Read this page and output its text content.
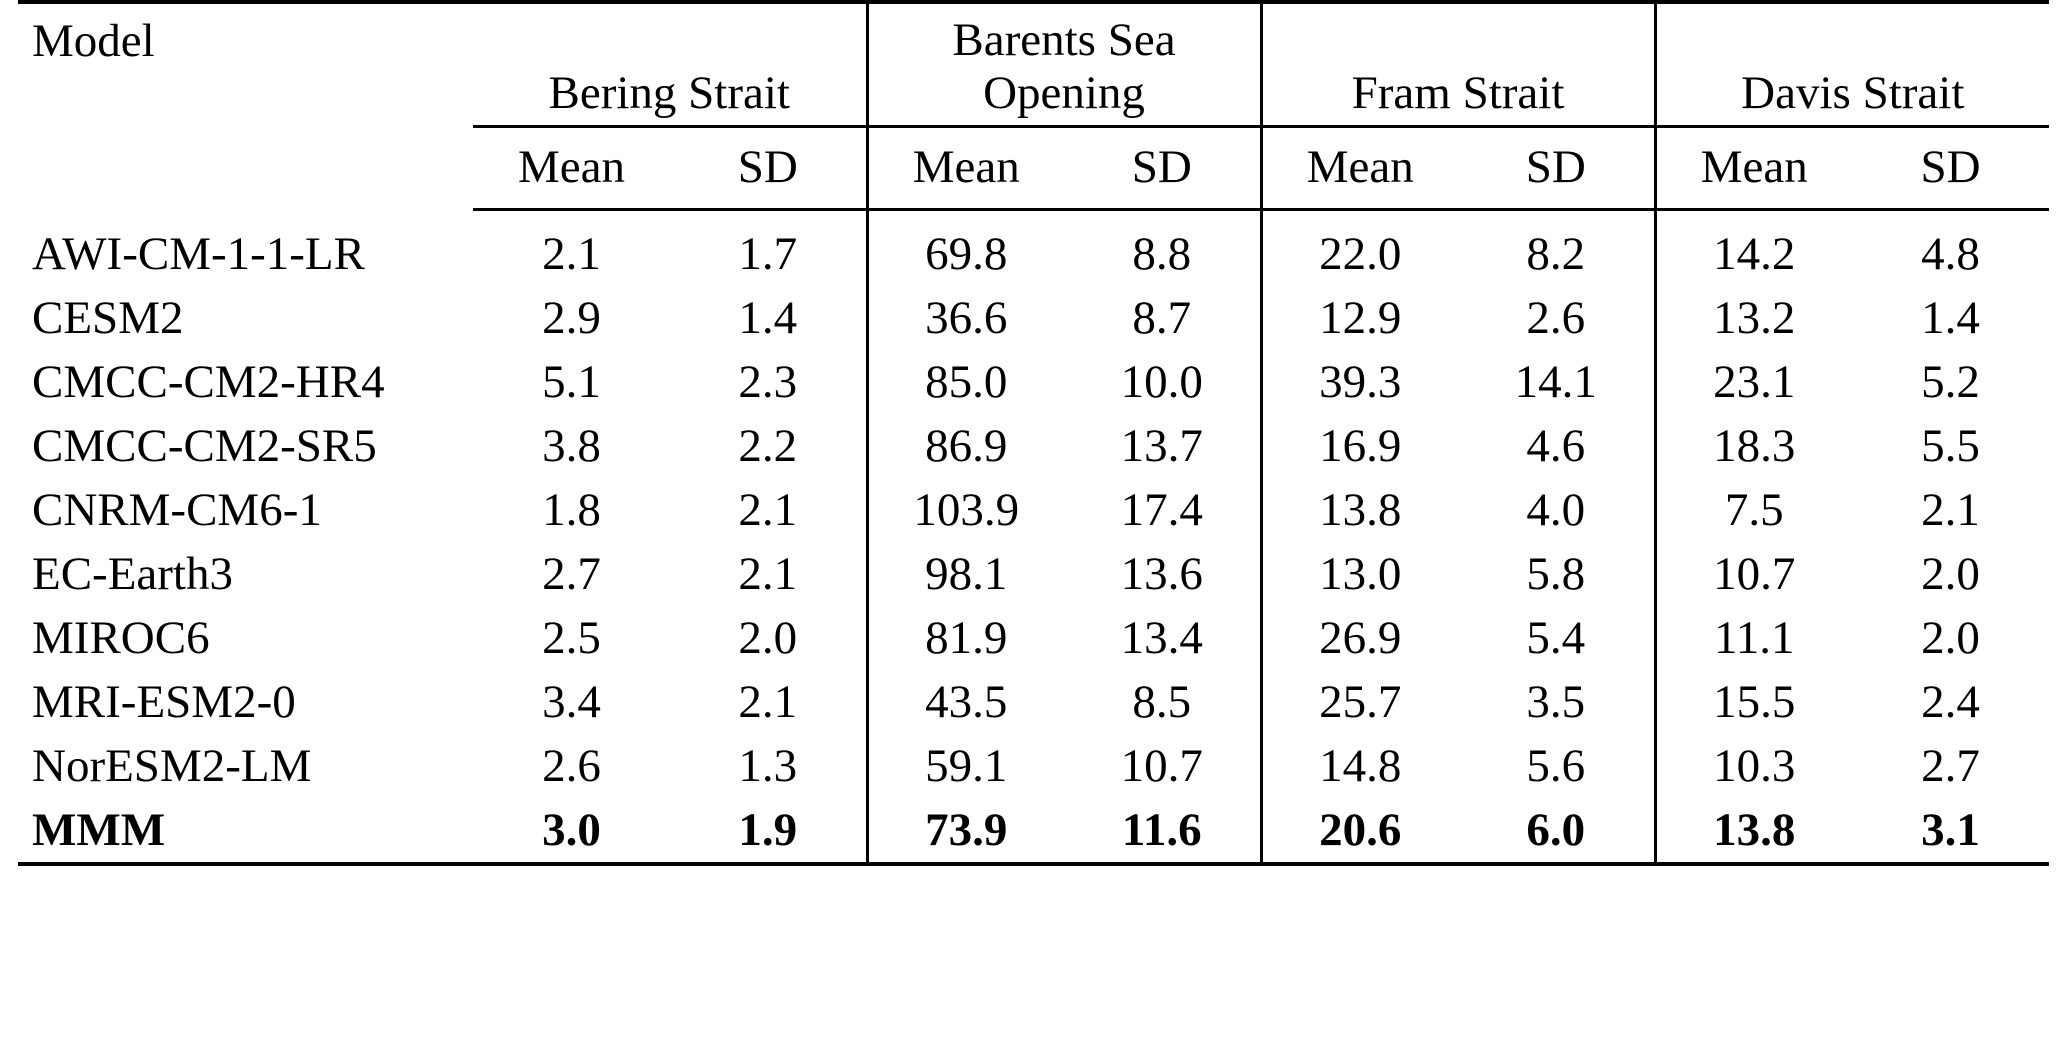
Model	Bering Strait		Barents Sea Opening		Fram Strait		Davis Strait	
	Mean	SD	Mean	SD	Mean	SD	Mean	SD
AWI-CM-1-1-LR	2.1	1.7	69.8	8.8	22.0	8.2	14.2	4.8
CESM2	2.9	1.4	36.6	8.7	12.9	2.6	13.2	1.4
CMCC-CM2-HR4	5.1	2.3	85.0	10.0	39.3	14.1	23.1	5.2
CMCC-CM2-SR5	3.8	2.2	86.9	13.7	16.9	4.6	18.3	5.5
CNRM-CM6-1	1.8	2.1	103.9	17.4	13.8	4.0	7.5	2.1
EC-Earth3	2.7	2.1	98.1	13.6	13.0	5.8	10.7	2.0
MIROC6	2.5	2.0	81.9	13.4	26.9	5.4	11.1	2.0
MRI-ESM2-0	3.4	2.1	43.5	8.5	25.7	3.5	15.5	2.4
NorESM2-LM	2.6	1.3	59.1	10.7	14.8	5.6	10.3	2.7
MMM	3.0	1.9	73.9	11.6	20.6	6.0	13.8	3.1
